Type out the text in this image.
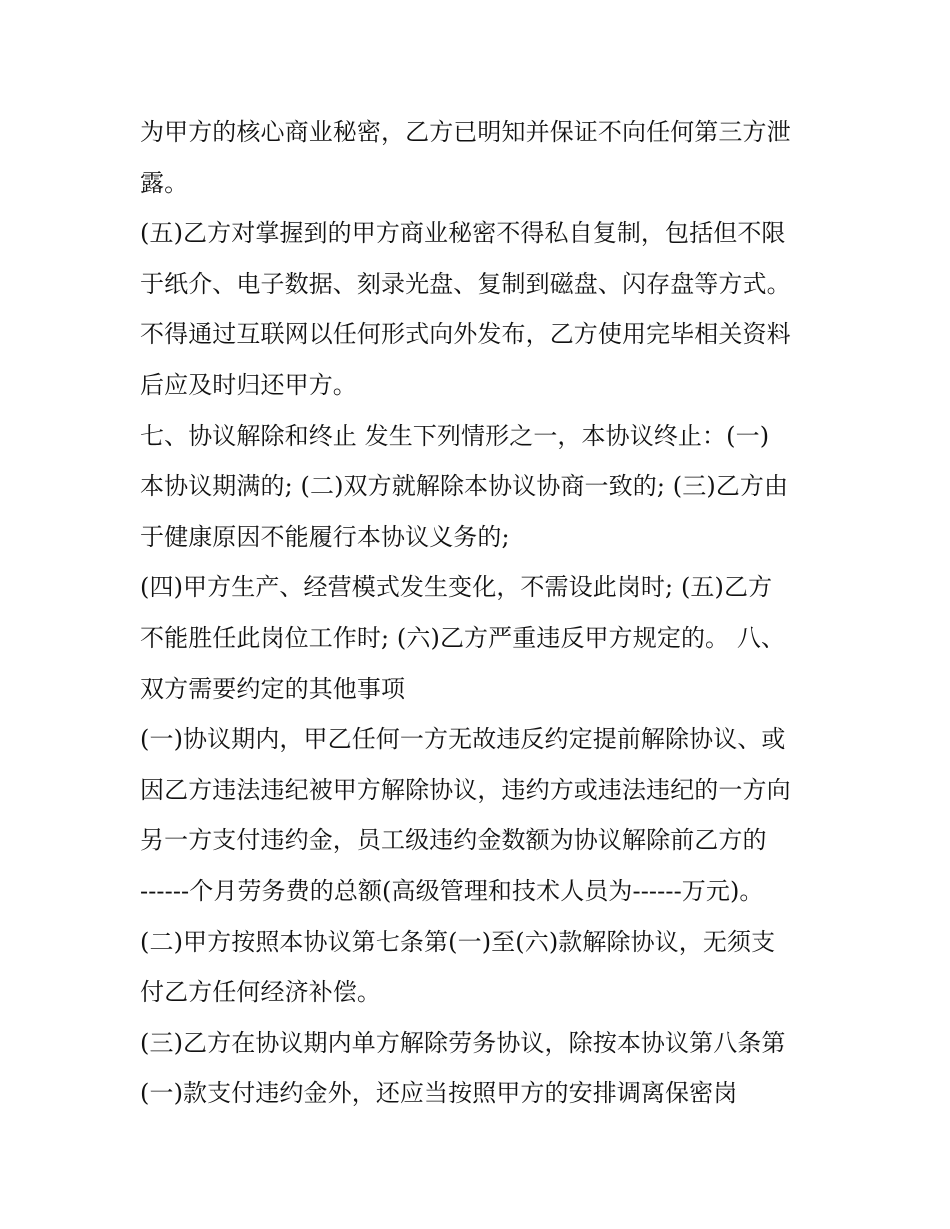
为甲方的核心商业秘密，乙方已明知并保证不向任何第三方泄
露。
(五)乙方对掌握到的甲方商业秘密不得私自复制，包括但不限
于纸介、电子数据、刻录光盘、复制到磁盘、闪存盘等方式。
不得通过互联网以任何形式向外发布，乙方使用完毕相关资料
后应及时归还甲方。
七、协议解除和终止 发生下列情形之一，本协议终止：(一)
本协议期满的; (二)双方就解除本协议协商一致的; (三)乙方由
于健康原因不能履行本协议义务的;
(四)甲方生产、经营模式发生变化，不需设此岗时; (五)乙方
不能胜任此岗位工作时; (六)乙方严重违反甲方规定的。 八、
双方需要约定的其他事项
(一)协议期内，甲乙任何一方无故违反约定提前解除协议、或
因乙方违法违纪被甲方解除协议，违约方或违法违纪的一方向
另一方支付违约金，员工级违约金数额为协议解除前乙方的
------个月劳务费的总额(高级管理和技术人员为------万元)。
(二)甲方按照本协议第七条第(一)至(六)款解除协议，无须支
付乙方任何经济补偿。
(三)乙方在协议期内单方解除劳务协议，除按本协议第八条第
(一)款支付违约金外，还应当按照甲方的安排调离保密岗
